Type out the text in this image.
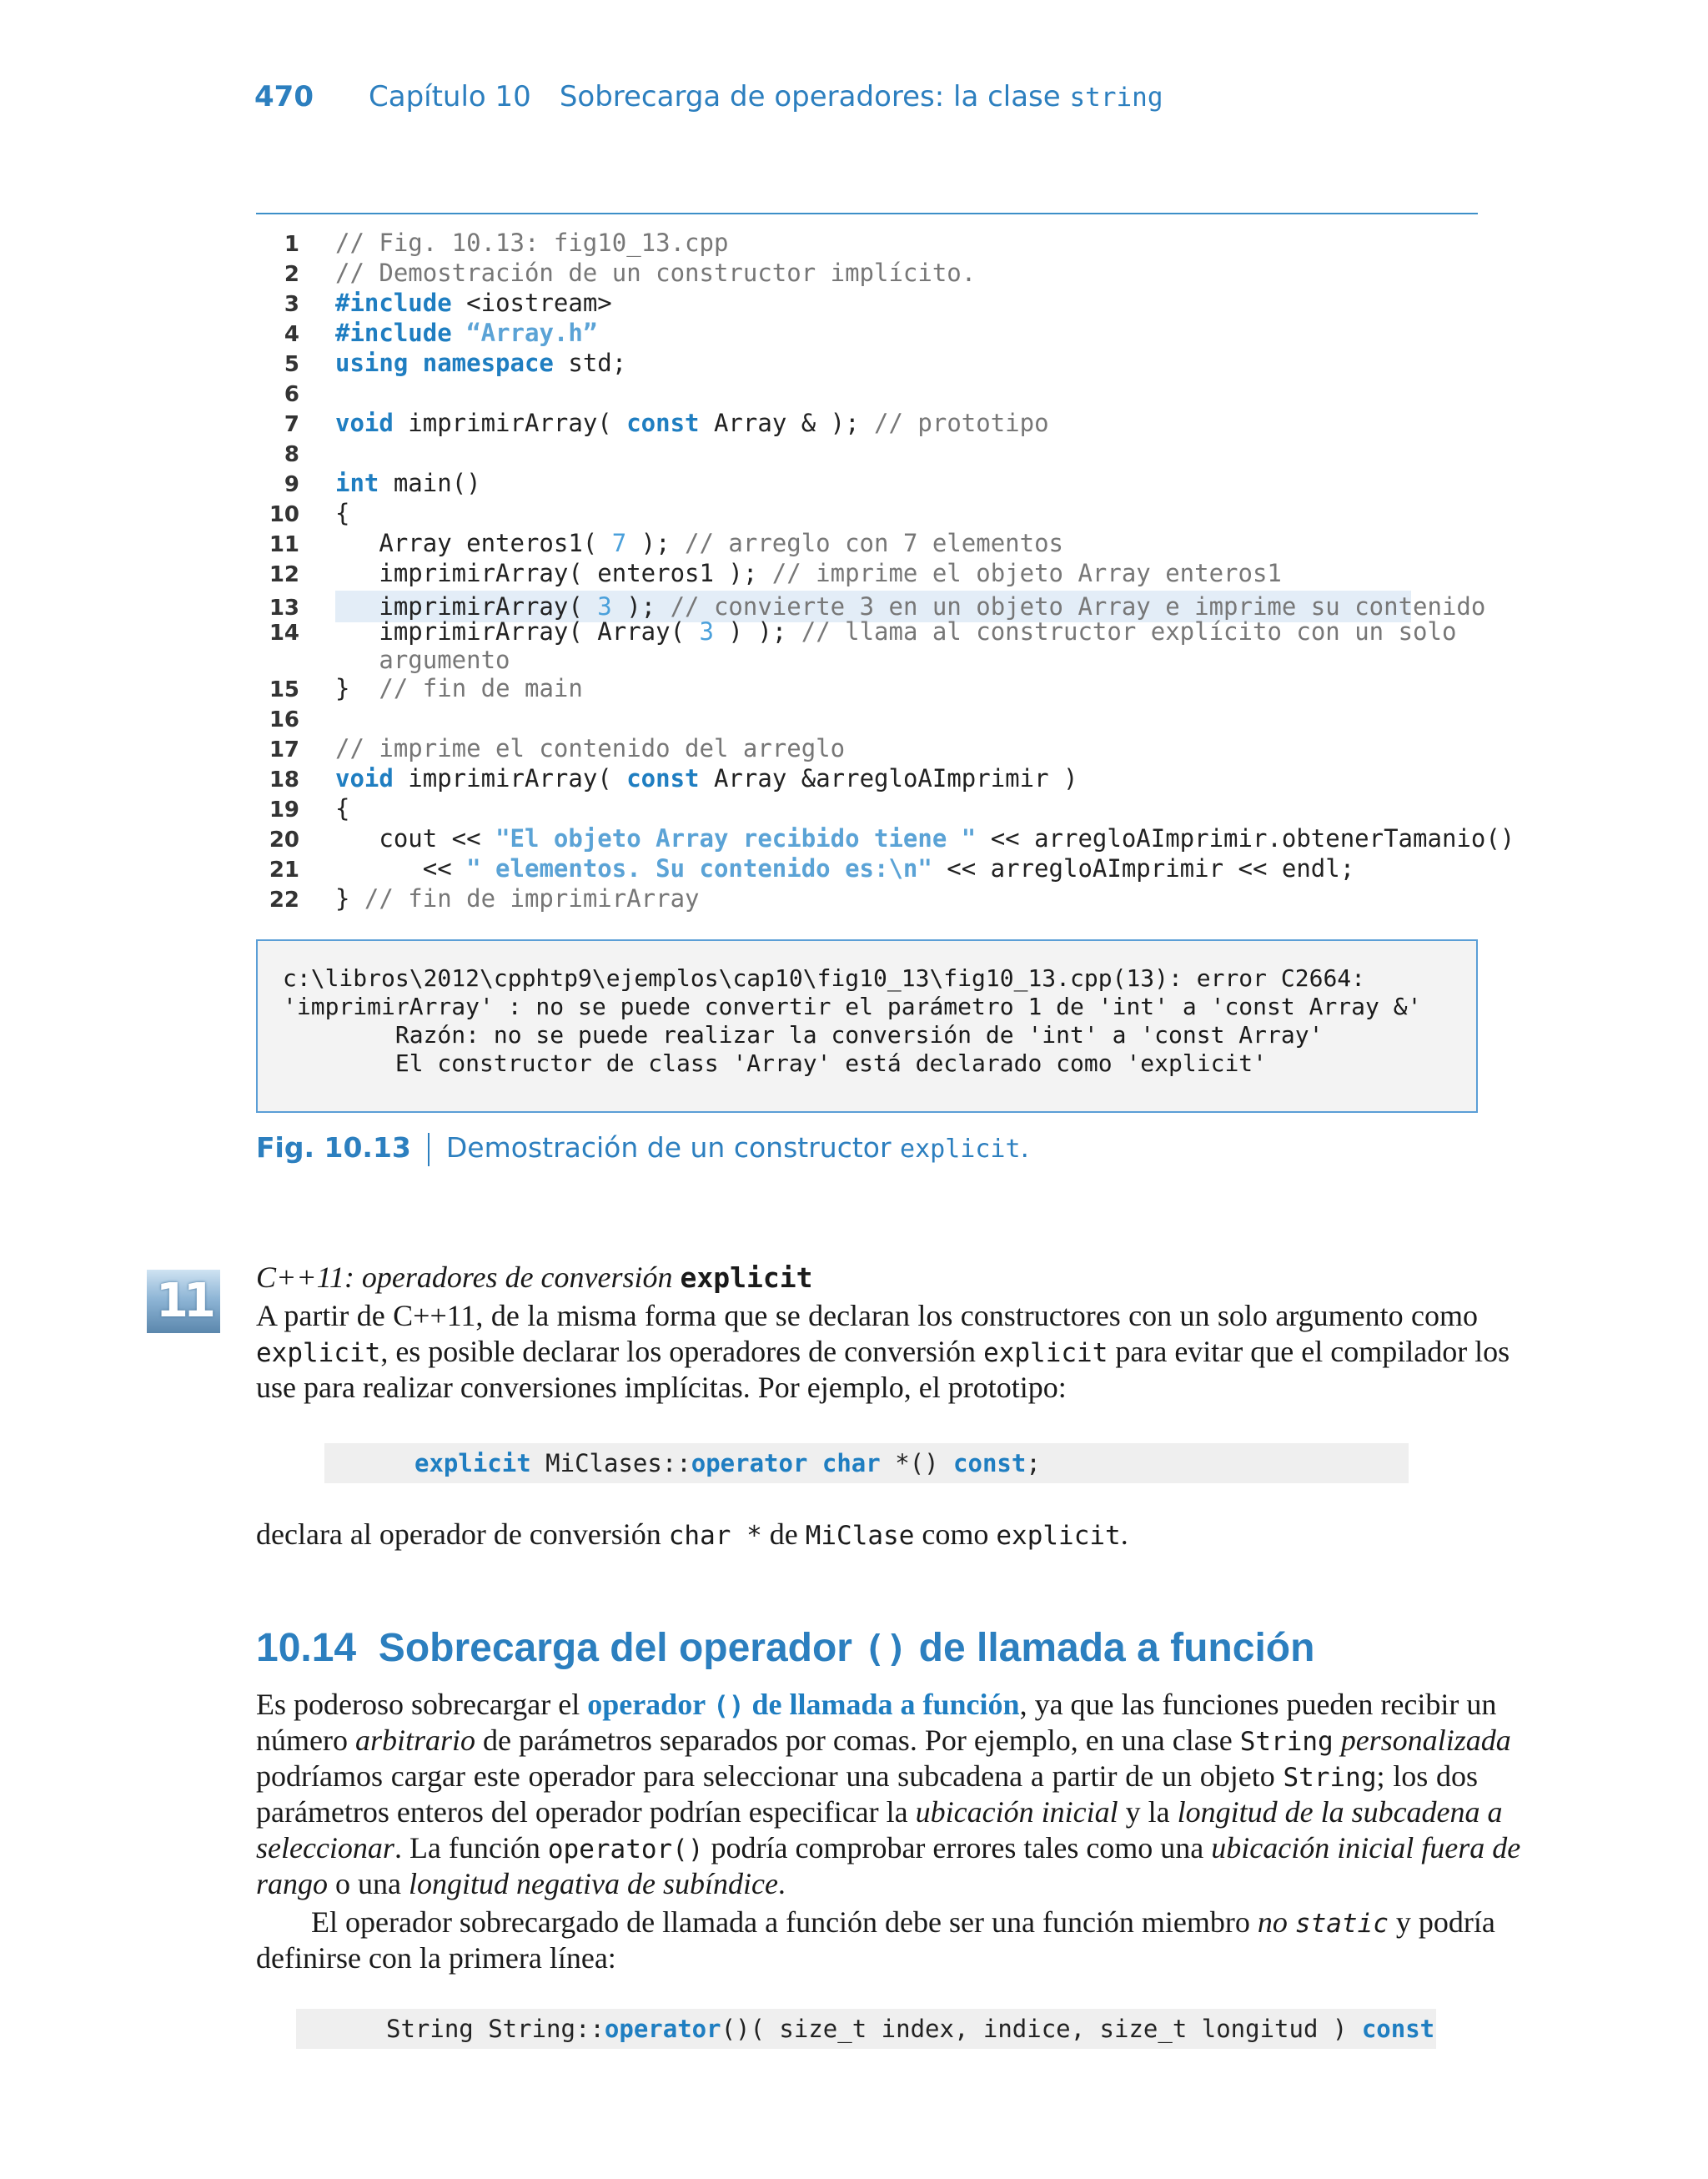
470 Capítulo 10  Sobrecarga de operadores: la clase string
1 // Fig. 10.13: fig10_13.cpp
2 // Demostración de un constructor implícito.
3 #include <iostream>
4 #include “Array.h”
5 using namespace std;
6
7 void imprimirArray( const Array & ); // prototipo
8
9 int main()
10 {
11 Array enteros1( 7 ); // arreglo con 7 elementos
12 imprimirArray( enteros1 ); // imprime el objeto Array enteros1
13 imprimirArray( 3 ); // convierte 3 en un objeto Array e imprime su contenido
14 imprimirArray( Array( 3 ) ); // llama al constructor explícito con un solo
argumento
15 }  // fin de main
16
17 // imprime el contenido del arreglo
18 void imprimirArray( const Array &arregloAImprimir )
19 {
20 cout << "El objeto Array recibido tiene " << arregloAImprimir.obtenerTamanio()
21 << " elementos. Su contenido es:\n" << arregloAImprimir << endl;
22 } // fin de imprimirArray
c:\libros\2012\cpphtp9\ejemplos\cap10\fig10_13\fig10_13.cpp(13): error C2664:
'imprimirArray' : no se puede convertir el parámetro 1 de 'int' a 'const Array &'
Razón: no se puede realizar la conversión de 'int' a 'const Array'
El constructor de class 'Array' está declarado como 'explicit'
Fig. 10.13 Demostración de un constructor explicit.
11	C++11: operadores de conversión explicit
A partir de C++11, de la misma forma que se declaran los constructores con un solo argumento como
explicit, es posible declarar los operadores de conversión explicit para evitar que el compilador los
use para realizar conversiones implícitas. Por ejemplo, el prototipo:
explicit MiClases::operator char *() const;
declara al operador de conversión char * de MiClase como explicit.
10.14 Sobrecarga del operador () de llamada a función
Es poderoso sobrecargar el operador () de llamada a función, ya que las funciones pueden recibir un
número arbitrario de parámetros separados por comas. Por ejemplo, en una clase String personalizada
podríamos cargar este operador para seleccionar una subcadena a partir de un objeto String; los dos
parámetros enteros del operador podrían especificar la ubicación inicial y la longitud de la subcadena a
seleccionar. La función operator() podría comprobar errores tales como una ubicación inicial fuera de
rango o una longitud negativa de subíndice.
El operador sobrecargado de llamada a función debe ser una función miembro no static y podría
definirse con la primera línea:
String String::operator()( size_t index, indice, size_t longitud ) const
